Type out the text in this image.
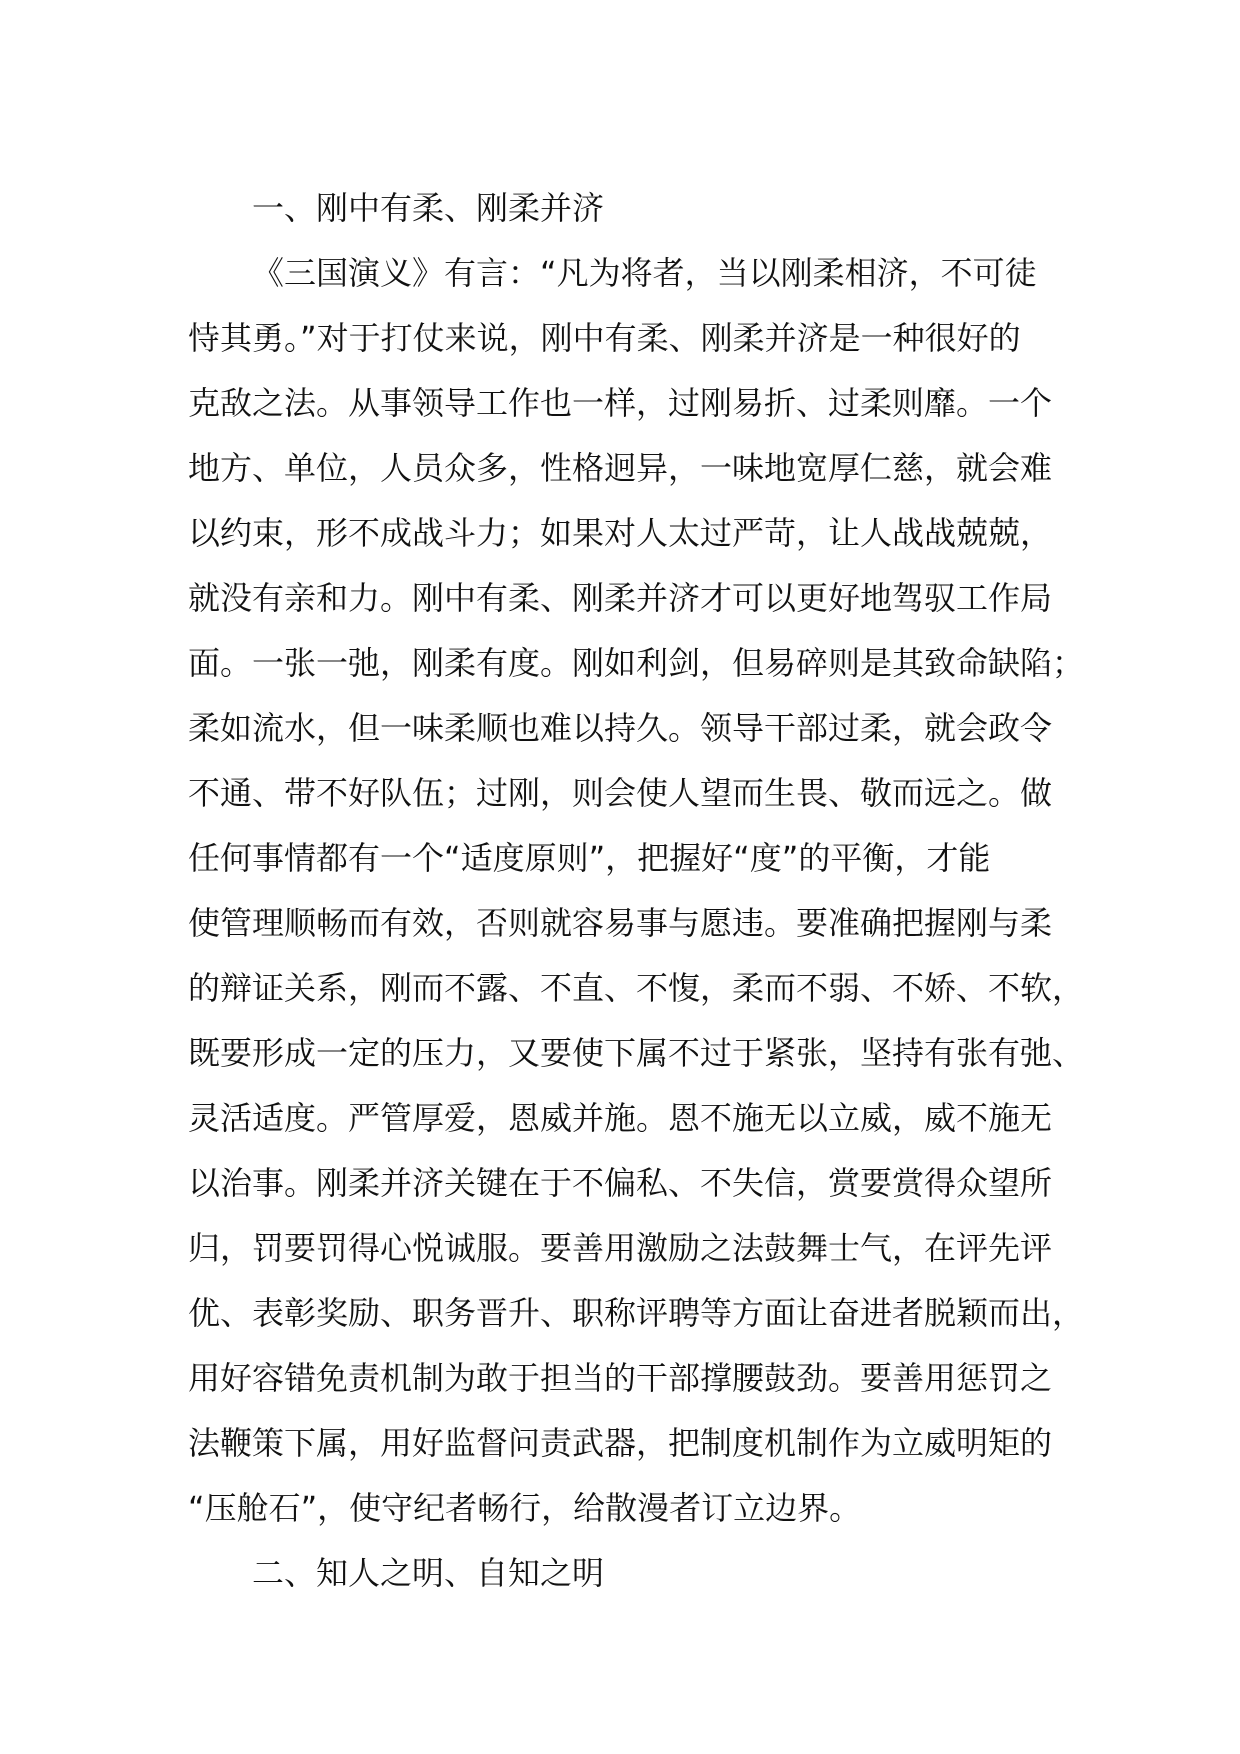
一、刚中有柔、刚柔并济

《三国演义》有言：“凡为将者，当以刚柔相济，不可徒

恃其勇。”对于打仗来说，刚中有柔、刚柔并济是一种很好的

克敌之法。从事领导工作也一样，过刚易折、过柔则靡。一个

地方、单位，人员众多，性格迥异，一味地宽厚仁慈，就会难

以约束，形不成战斗力；如果对人太过严苛，让人战战兢兢，

就没有亲和力。刚中有柔、刚柔并济才可以更好地驾驭工作局

面。一张一弛，刚柔有度。刚如利剑，但易碎则是其致命缺陷；

柔如流水，但一味柔顺也难以持久。领导干部过柔，就会政令

不通、带不好队伍；过刚，则会使人望而生畏、敬而远之。做

任何事情都有一个“适度原则”，把握好“度”的平衡，才能

使管理顺畅而有效，否则就容易事与愿违。要准确把握刚与柔

的辩证关系，刚而不露、不直、不愎，柔而不弱、不娇、不软，

既要形成一定的压力，又要使下属不过于紧张，坚持有张有弛、

灵活适度。严管厚爱，恩威并施。恩不施无以立威，威不施无

以治事。刚柔并济关键在于不偏私、不失信，赏要赏得众望所

归，罚要罚得心悦诚服。要善用激励之法鼓舞士气，在评先评

优、表彰奖励、职务晋升、职称评聘等方面让奋进者脱颖而出，

用好容错免责机制为敢于担当的干部撑腰鼓劲。要善用惩罚之

法鞭策下属，用好监督问责武器，把制度机制作为立威明矩的

“压舱石”，使守纪者畅行，给散漫者订立边界。

二、知人之明、自知之明
